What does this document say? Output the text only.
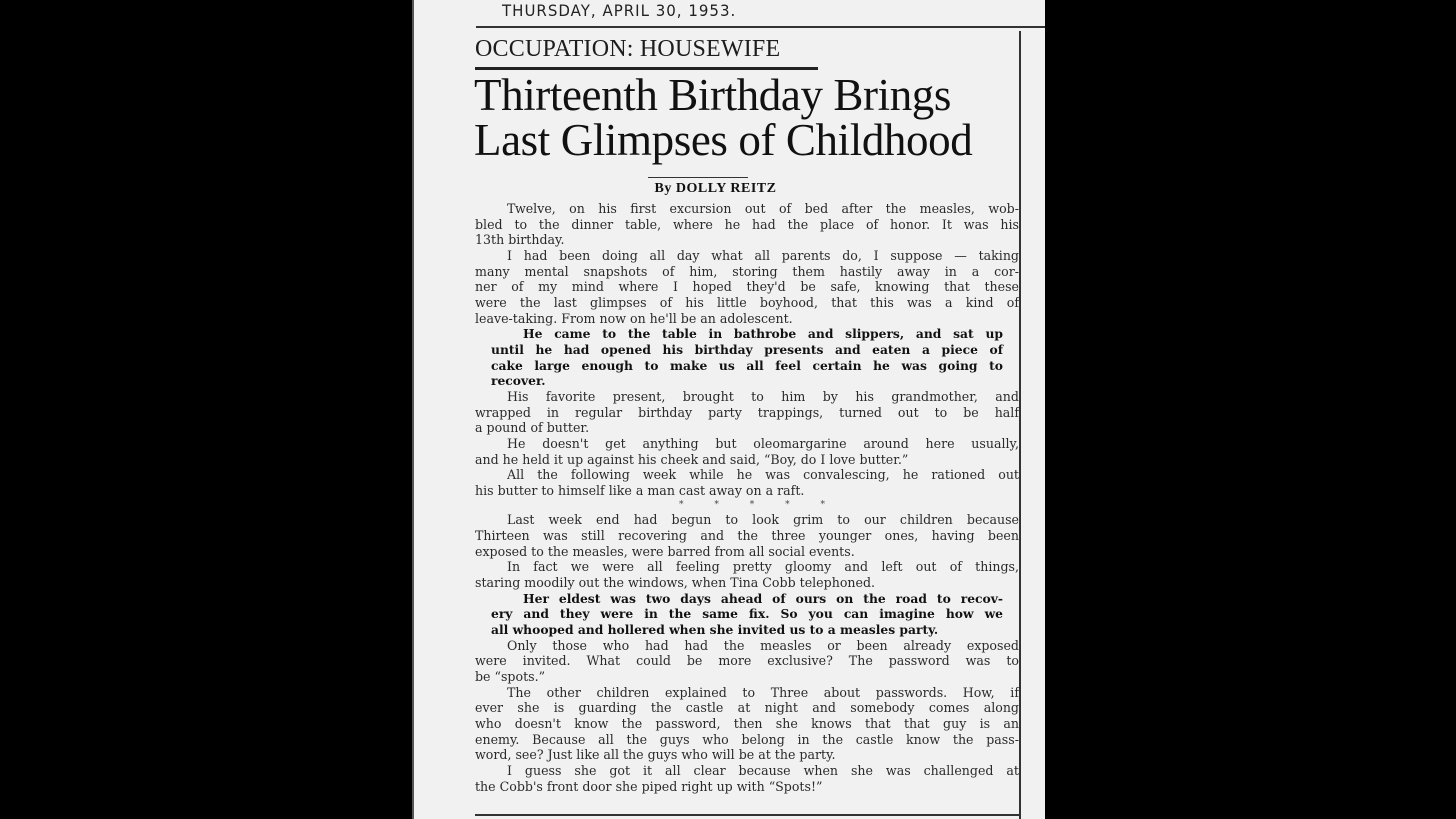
THURSDAY, APRIL 30, 1953.
OCCUPATION: HOUSEWIFE
Thirteenth Birthday Brings
Last Glimpses of Childhood
By DOLLY REITZ
Twelve, on his first excursion out of bed after the measles, wob-
bled to the dinner table, where he had the place of honor. It was his
13th birthday.
I had been doing all day what all parents do, I suppose — taking
many mental snapshots of him, storing them hastily away in a cor-
ner of my mind where I hoped they'd be safe, knowing that these
were the last glimpses of his little boyhood, that this was a kind of
leave-taking. From now on he'll be an adolescent.
He came to the table in bathrobe and slippers, and sat up
until he had opened his birthday presents and eaten a piece of
cake large enough to make us all feel certain he was going to
recover.
His favorite present, brought to him by his grandmother, and
wrapped in regular birthday party trappings, turned out to be half
a pound of butter.
He doesn't get anything but oleomargarine around here usually,
and he held it up against his cheek and said, “Boy, do I love butter.”
All the following week while he was convalescing, he rationed out
his butter to himself like a man cast away on a raft.
* * * * *
Last week end had begun to look grim to our children because
Thirteen was still recovering and the three younger ones, having been
exposed to the measles, were barred from all social events.
In fact we were all feeling pretty gloomy and left out of things,
staring moodily out the windows, when Tina Cobb telephoned.
Her eldest was two days ahead of ours on the road to recov-
ery and they were in the same fix. So you can imagine how we
all whooped and hollered when she invited us to a measles party.
Only those who had had the measles or been already exposed
were invited. What could be more exclusive? The password was to
be “spots.”
The other children explained to Three about passwords. How, if
ever she is guarding the castle at night and somebody comes along
who doesn't know the password, then she knows that that guy is an
enemy. Because all the guys who belong in the castle know the pass-
word, see? Just like all the guys who will be at the party.
I guess she got it all clear because when she was challenged at
the Cobb's front door she piped right up with “Spots!”
